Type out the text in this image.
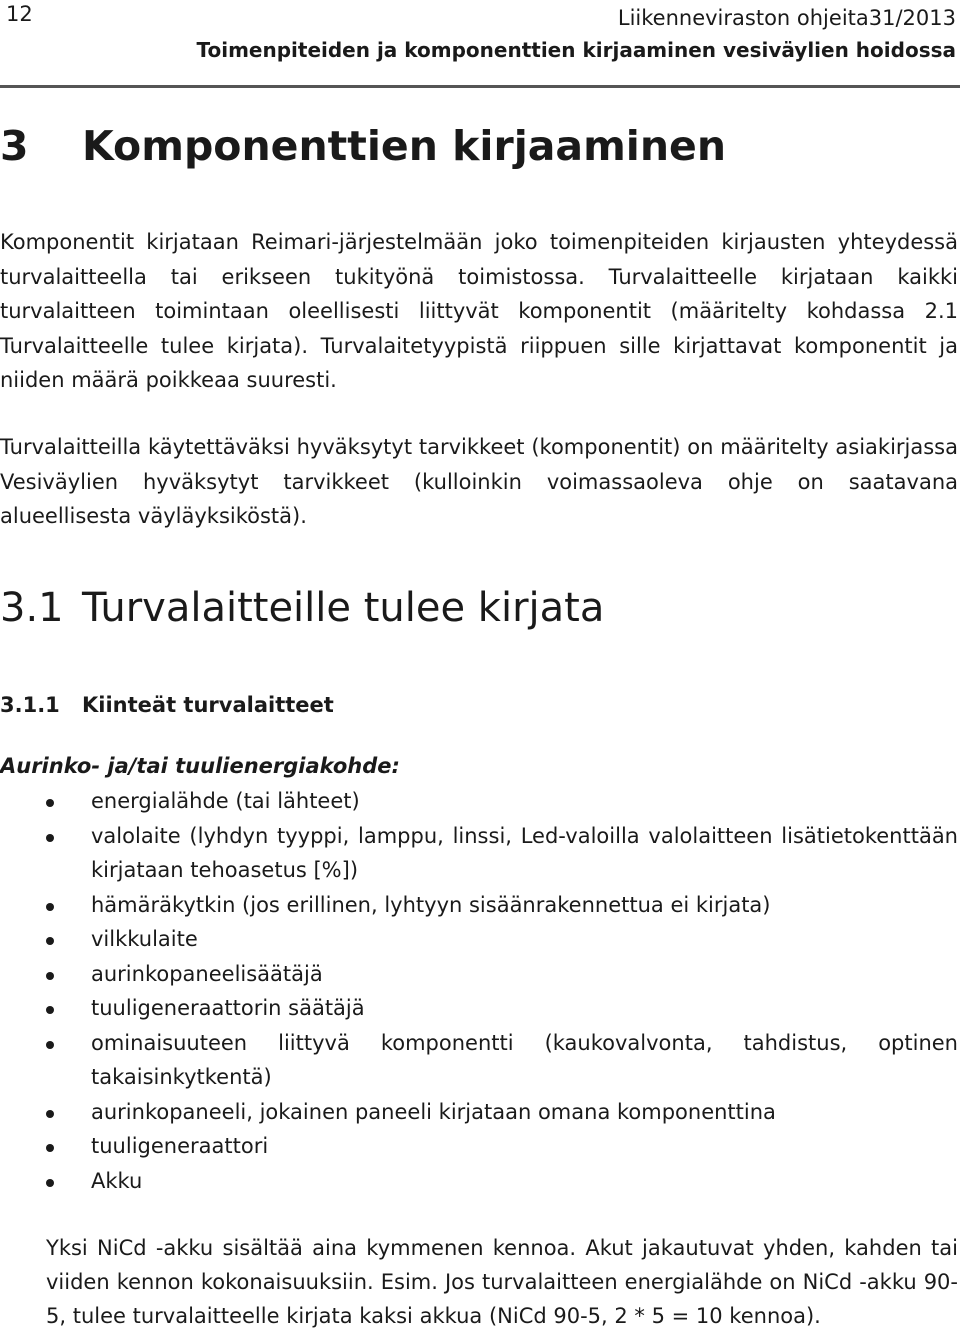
12	Liikenneviraston ohjeita31/2013
Toimenpiteiden ja komponenttien kirjaaminen vesiväylien hoidossa
3 Komponenttien kirjaaminen

Komponentit kirjataan Reimari-järjestelmään joko toimenpiteiden kirjausten yhteydessä turvalaitteella tai erikseen tukityönä toimistossa. Turvalaitteelle kirjataan kaikki turvalaitteen toimintaan oleellisesti liittyvät komponentit (määritelty kohdassa 2.1 Turvalaitteelle tulee kirjata). Turvalaitetyypistä riippuen sille kirjattavat komponentit ja niiden määrä poikkeaa suuresti.

Turvalaitteilla käytettäväksi hyväksytyt tarvikkeet (komponentit) on määritelty asiakirjassa Vesiväylien hyväksytyt tarvikkeet (kulloinkin voimassaoleva ohje on saatavana alueellisesta väyläyksiköstä).

3.1 Turvalaitteille tulee kirjata
3.1.1 Kiinteät turvalaitteet
Aurinko- ja/tai tuulienergiakohde:
energialähde (tai lähteet)
valolaite (lyhdyn tyyppi, lamppu, linssi, Led-valoilla valolaitteen lisätietokenttään kirjataan tehoasetus [%])
hämäräkytkin (jos erillinen, lyhtyyn sisäänrakennettua ei kirjata)
vilkkulaite
aurinkopaneelisäätäjä
tuuligeneraattorin säätäjä
ominaisuuteen liittyvä komponentti (kaukovalvonta, tahdistus, optinen takaisinkytkentä)
aurinkopaneeli, jokainen paneeli kirjataan omana komponenttina
tuuligeneraattori
Akku

Yksi NiCd -akku sisältää aina kymmenen kennoa. Akut jakautuvat yhden, kahden tai viiden kennon kokonaisuuksiin. Esim. Jos turvalaitteen energialähde on NiCd -akku 90-5, tulee turvalaitteelle kirjata kaksi akkua (NiCd 90-5, 2 * 5 = 10 kennoa).
